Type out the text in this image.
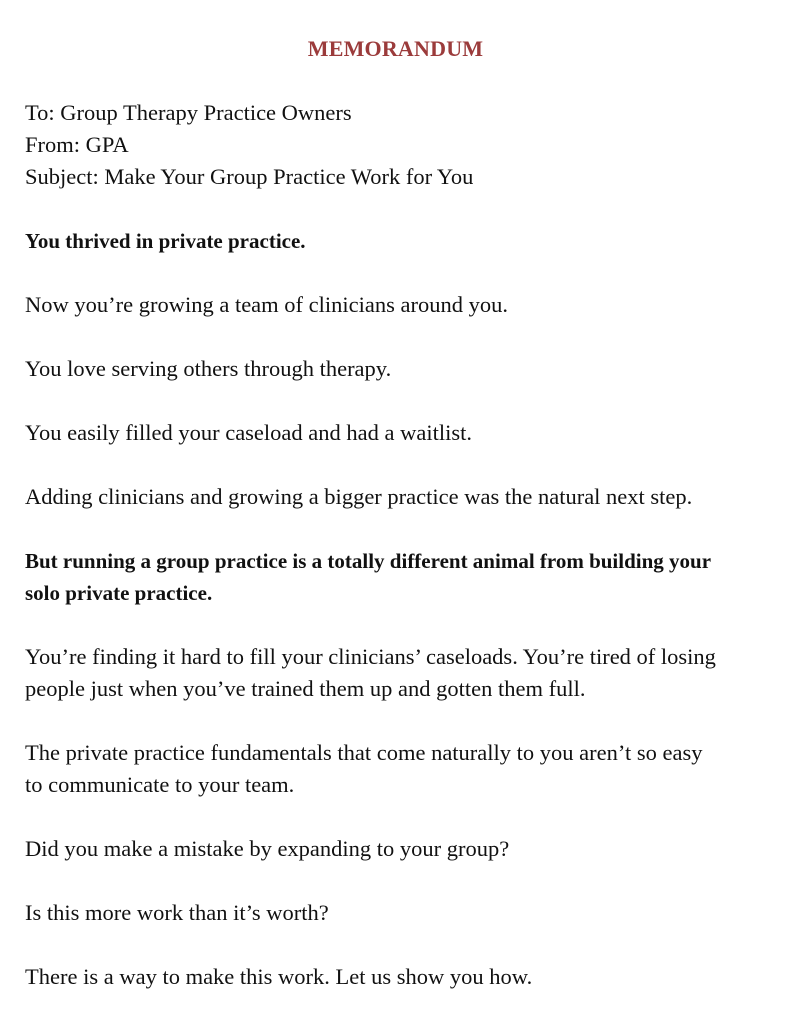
MEMORANDUM
To: Group Therapy Practice Owners
From: GPA
Subject: Make Your Group Practice Work for You
You thrived in private practice.
Now you’re growing a team of clinicians around you.
You love serving others through therapy.
You easily filled your caseload and had a waitlist.
Adding clinicians and growing a bigger practice was the natural next step.
But running a group practice is a totally different animal from building your
solo private practice.
You’re finding it hard to fill your clinicians’ caseloads. You’re tired of losing
people just when you’ve trained them up and gotten them full.
The private practice fundamentals that come naturally to you aren’t so easy
to communicate to your team.
Did you make a mistake by expanding to your group?
Is this more work than it’s worth?
There is a way to make this work. Let us show you how.
